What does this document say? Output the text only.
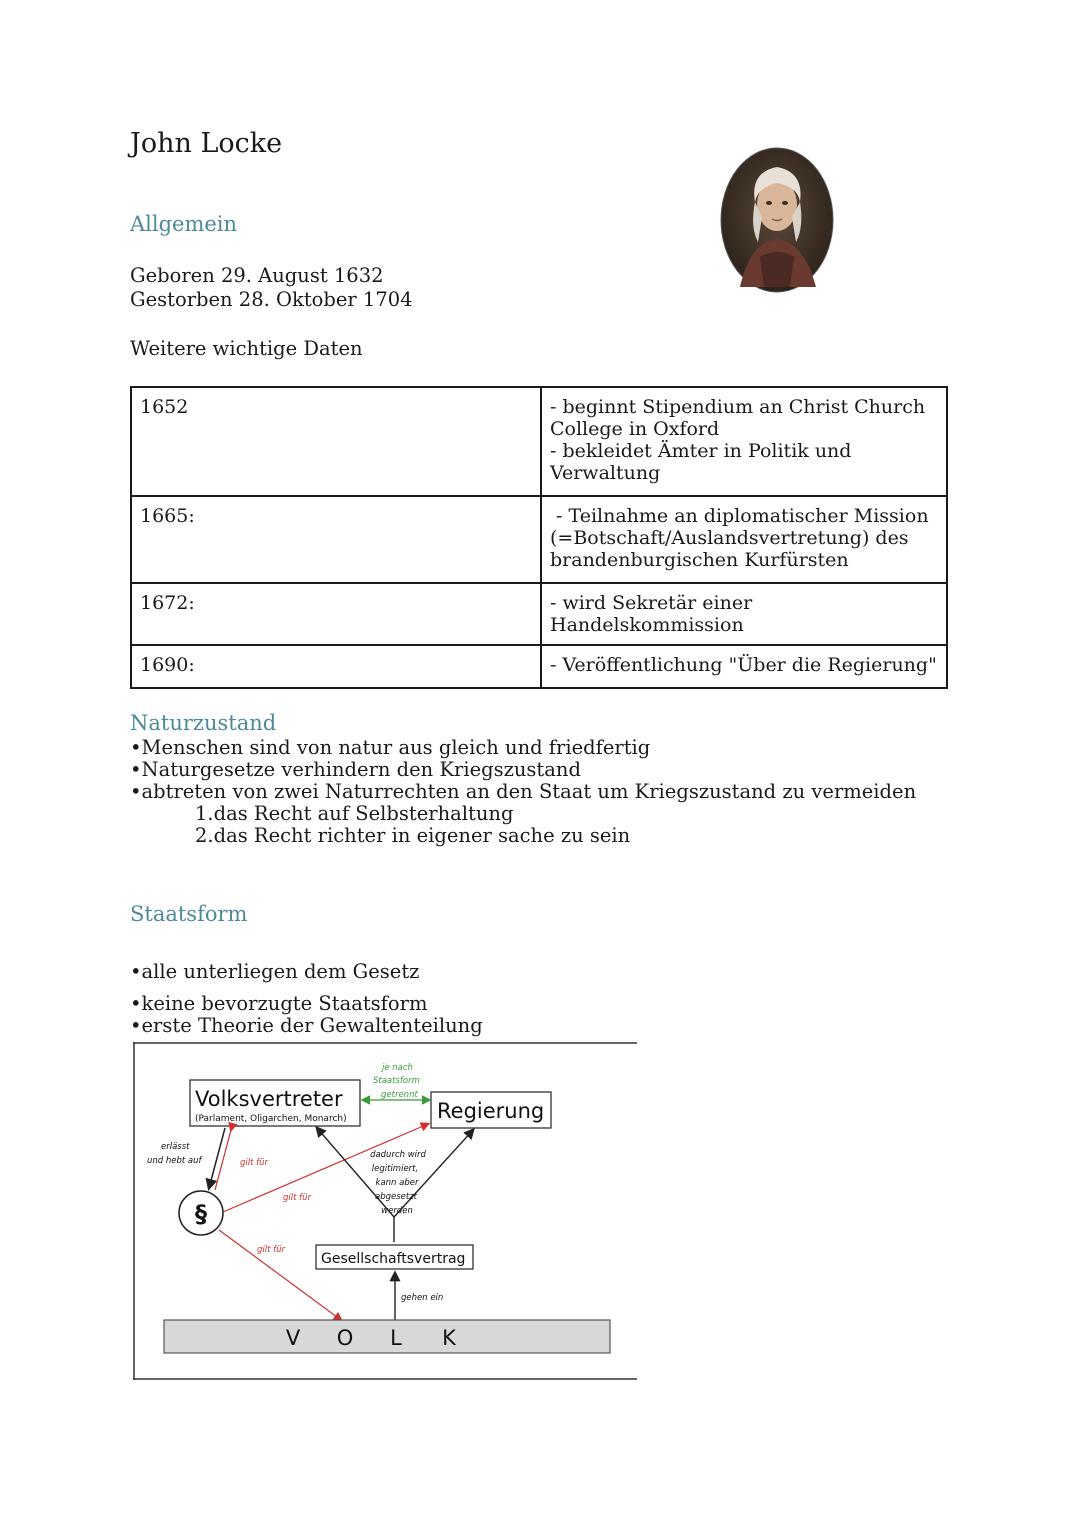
John Locke
Allgemein
Geboren 29. August 1632
Gestorben 28. Oktober 1704
Weitere wichtige Daten
1652	- beginnt Stipendium an Christ Church
College in Oxford
- bekleidet Ämter in Politik und
Verwaltung

1665:	- Teilnahme an diplomatischer Mission
(=Botschaft/Auslandsvertretung) des
brandenburgischen Kurfürsten

1672:	- wird Sekretär einer Handelskommission

1690:	- Veröffentlichung "Über die Regierung"
Naturzustand
•Menschen sind von natur aus gleich und friedfertig
•Naturgesetze verhindern den Kriegszustand
•abtreten von zwei Naturrechten an den Staat um Kriegszustand zu vermeiden
1.das Recht auf Selbsterhaltung
2.das Recht richter in eigener sache zu sein
Staatsform
•alle unterliegen dem Gesetz
•keine bevorzugte Staatsform
•erste Theorie der Gewaltenteilung
Volksvertreter
(Parlament, Oligarchen, Monarch)	Regierung
je nach
Staatsform
getrennt
erlässt
und hebt auf
§
gilt für
gilt für
gilt für
dadurch wird
legitimiert,
kann aber
abgesetzt
werden
Gesellschaftsvertrag
gehen ein
V O L K
